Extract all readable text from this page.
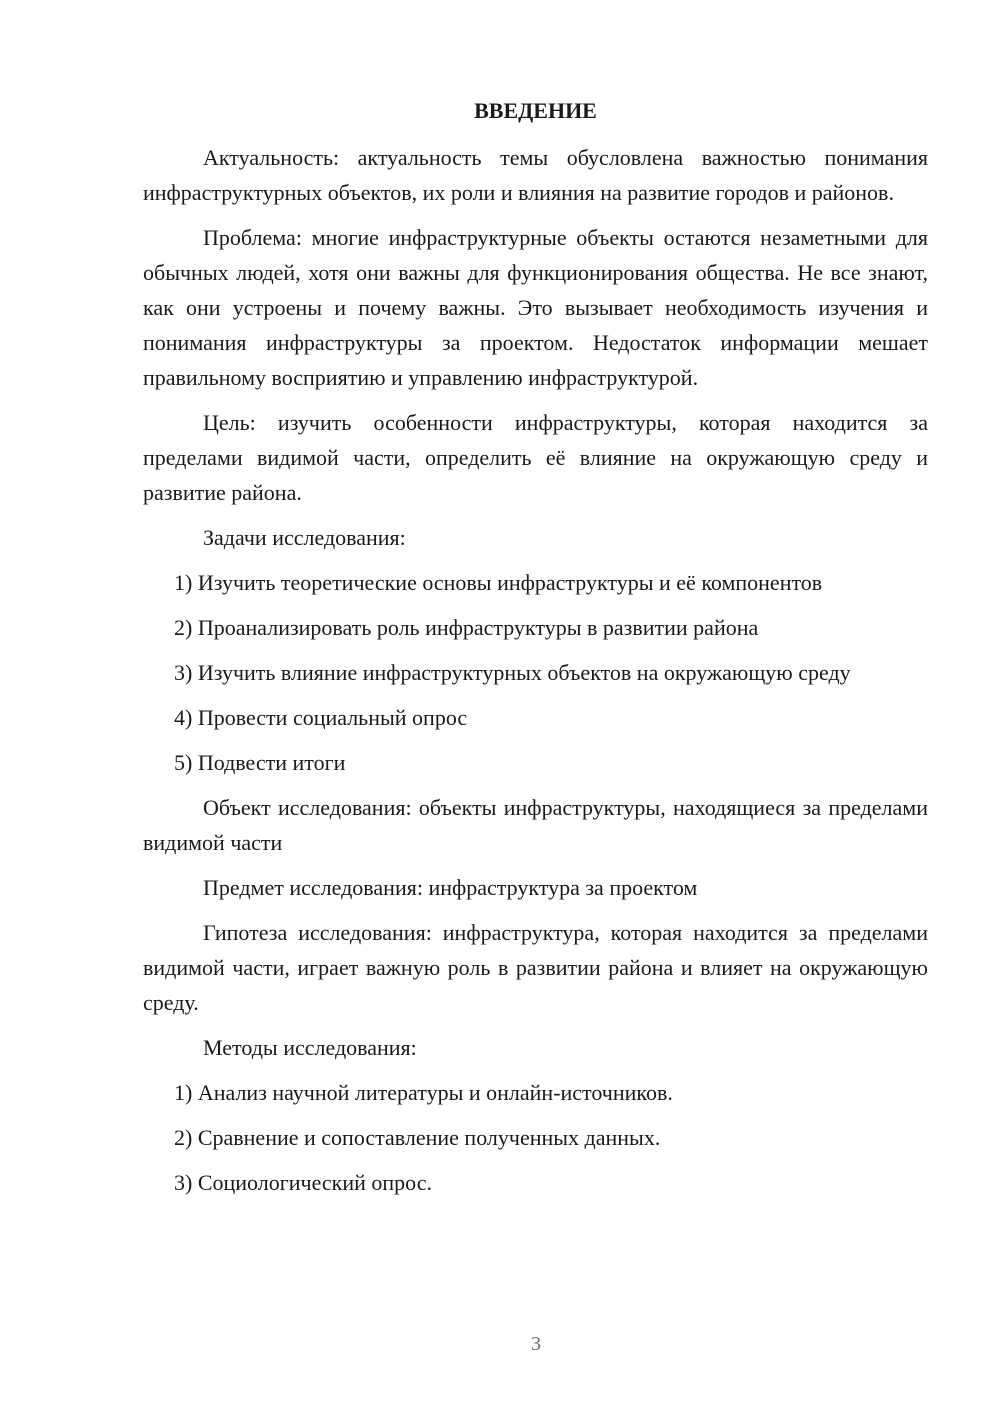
ВВЕДЕНИЕ

Актуальность: актуальность темы обусловлена важностью понимания инфраструктурных объектов, их роли и влияния на развитие городов и районов.

Проблема: многие инфраструктурные объекты остаются незаметными для обычных людей, хотя они важны для функционирования общества. Не все знают, как они устроены и почему важны. Это вызывает необходимость изучения и понимания инфраструктуры за проектом. Недостаток информации мешает правильному восприятию и управлению инфраструктурой.

Цель: изучить особенности инфраструктуры, которая находится за пределами видимой части, определить её влияние на окружающую среду и развитие района.

Задачи исследования:

1) Изучить теоретические основы инфраструктуры и её компонентов

2) Проанализировать роль инфраструктуры в развитии района

3) Изучить влияние инфраструктурных объектов на окружающую среду

4) Провести социальный опрос

5) Подвести итоги

Объект исследования: объекты инфраструктуры, находящиеся за пределами видимой части

Предмет исследования: инфраструктура за проектом

Гипотеза исследования: инфраструктура, которая находится за пределами видимой части, играет важную роль в развитии района и влияет на окружающую среду.

Методы исследования:

1) Анализ научной литературы и онлайн-источников.

2) Сравнение и сопоставление полученных данных.

3) Социологический опрос.

3
